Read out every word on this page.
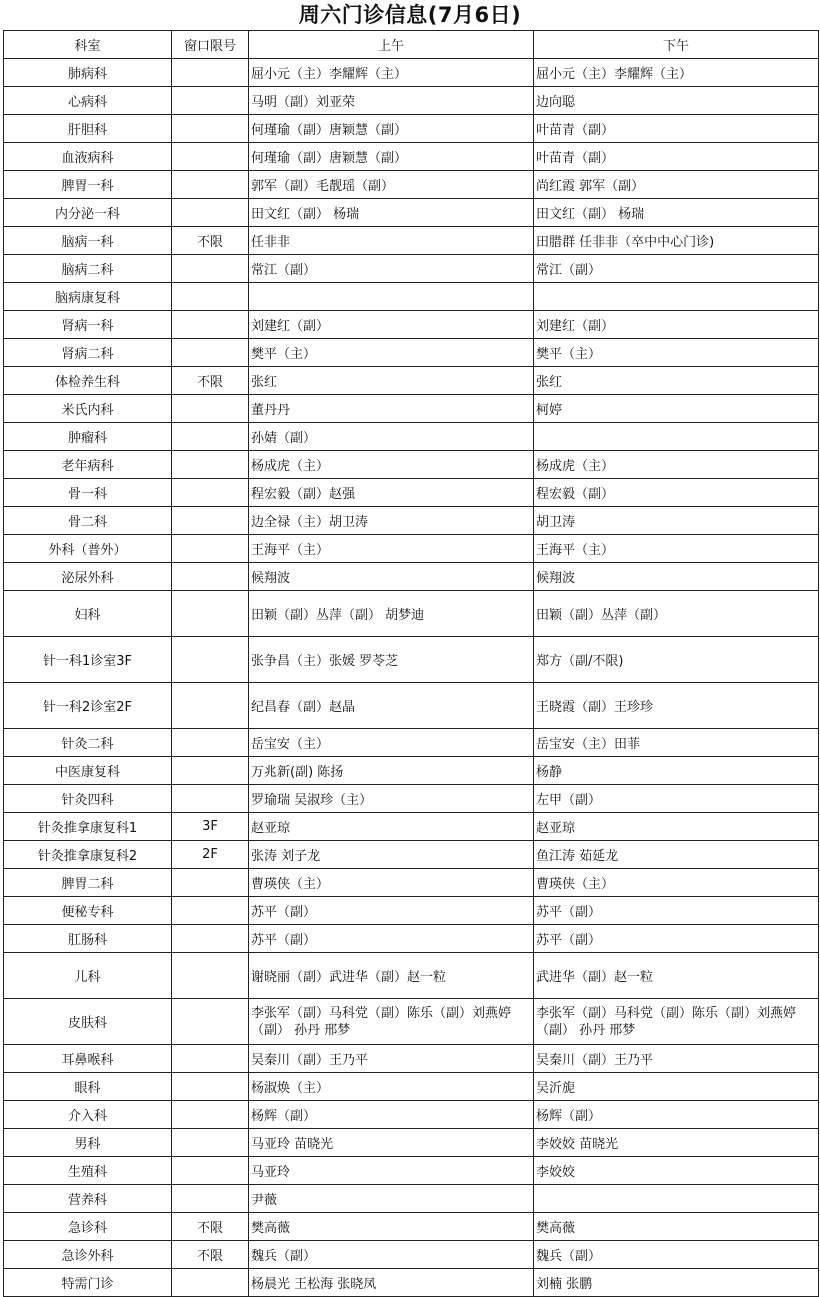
周六门诊信息(7月6日)
科室	窗口限号	上午	下午
肺病科		屈小元（主）李耀辉（主）	屈小元（主）李耀辉（主）
心病科		马明（副）刘亚荣	边向聪
肝胆科		何瑾瑜（副）唐颖慧（副）	叶苗青（副）
血液病科		何瑾瑜（副）唐颖慧（副）	叶苗青（副）
脾胃一科		郭军（副）毛靓瑶（副）	尚红霞 郭军（副）
内分泌一科		田文红（副） 杨瑞	田文红（副） 杨瑞
脑病一科	不限	任非非	田腊群 任非非（卒中中心门诊)
脑病二科		常江（副）	常江（副）
脑病康复科			
肾病一科		刘建红（副）	刘建红（副）
肾病二科		樊平（主）	樊平（主）
体检养生科	不限	张红	张红
米氏内科		董丹丹	柯婷
肿瘤科		孙婧（副）	
老年病科		杨成虎（主）	杨成虎（主）
骨一科		程宏毅（副）赵强	程宏毅（副）
骨二科		边全禄（主）胡卫涛	胡卫涛
外科（普外）		王海平（主）	王海平（主）
泌尿外科		候翔波	候翔波
妇科		田颖（副）丛萍（副） 胡梦迪	田颖（副）丛萍（副）
针一科1诊室3F		张争昌（主）张媛 罗苓芝	郑方（副/不限)
针一科2诊室2F		纪昌春（副）赵晶	王晓霞（副）王珍珍
针灸二科		岳宝安（主）	岳宝安（主）田菲
中医康复科		万兆新(副) 陈扬	杨静
针灸四科		罗瑜瑞 吴淑珍（主）	左甲（副）
针灸推拿康复科1	3F	赵亚琼	赵亚琼
针灸推拿康复科2	2F	张涛 刘子龙	鱼江涛 茹延龙
脾胃二科		曹瑛侠（主）	曹瑛侠（主）
便秘专科		苏平（副）	苏平（副）
肛肠科		苏平（副）	苏平（副）
儿科		谢晓丽（副）武进华（副）赵一粒	武进华（副）赵一粒
皮肤科		李张军（副）马科党（副）陈乐（副）刘燕婷（副） 孙丹 邢梦	李张军（副）马科党（副）陈乐（副）刘燕婷（副） 孙丹 邢梦
耳鼻喉科		吴秦川（副）王乃平	吴秦川（副）王乃平
眼科		杨淑焕（主）	吴沂旎
介入科		杨辉（副）	杨辉（副）
男科		马亚玲 苗晓光	李姣姣 苗晓光
生殖科		马亚玲	李姣姣
营养科		尹薇	
急诊科	不限	樊高薇	樊高薇
急诊外科	不限	魏兵（副）	魏兵（副）
特需门诊		杨晨光 王松海 张晓凤	刘楠 张鹏
